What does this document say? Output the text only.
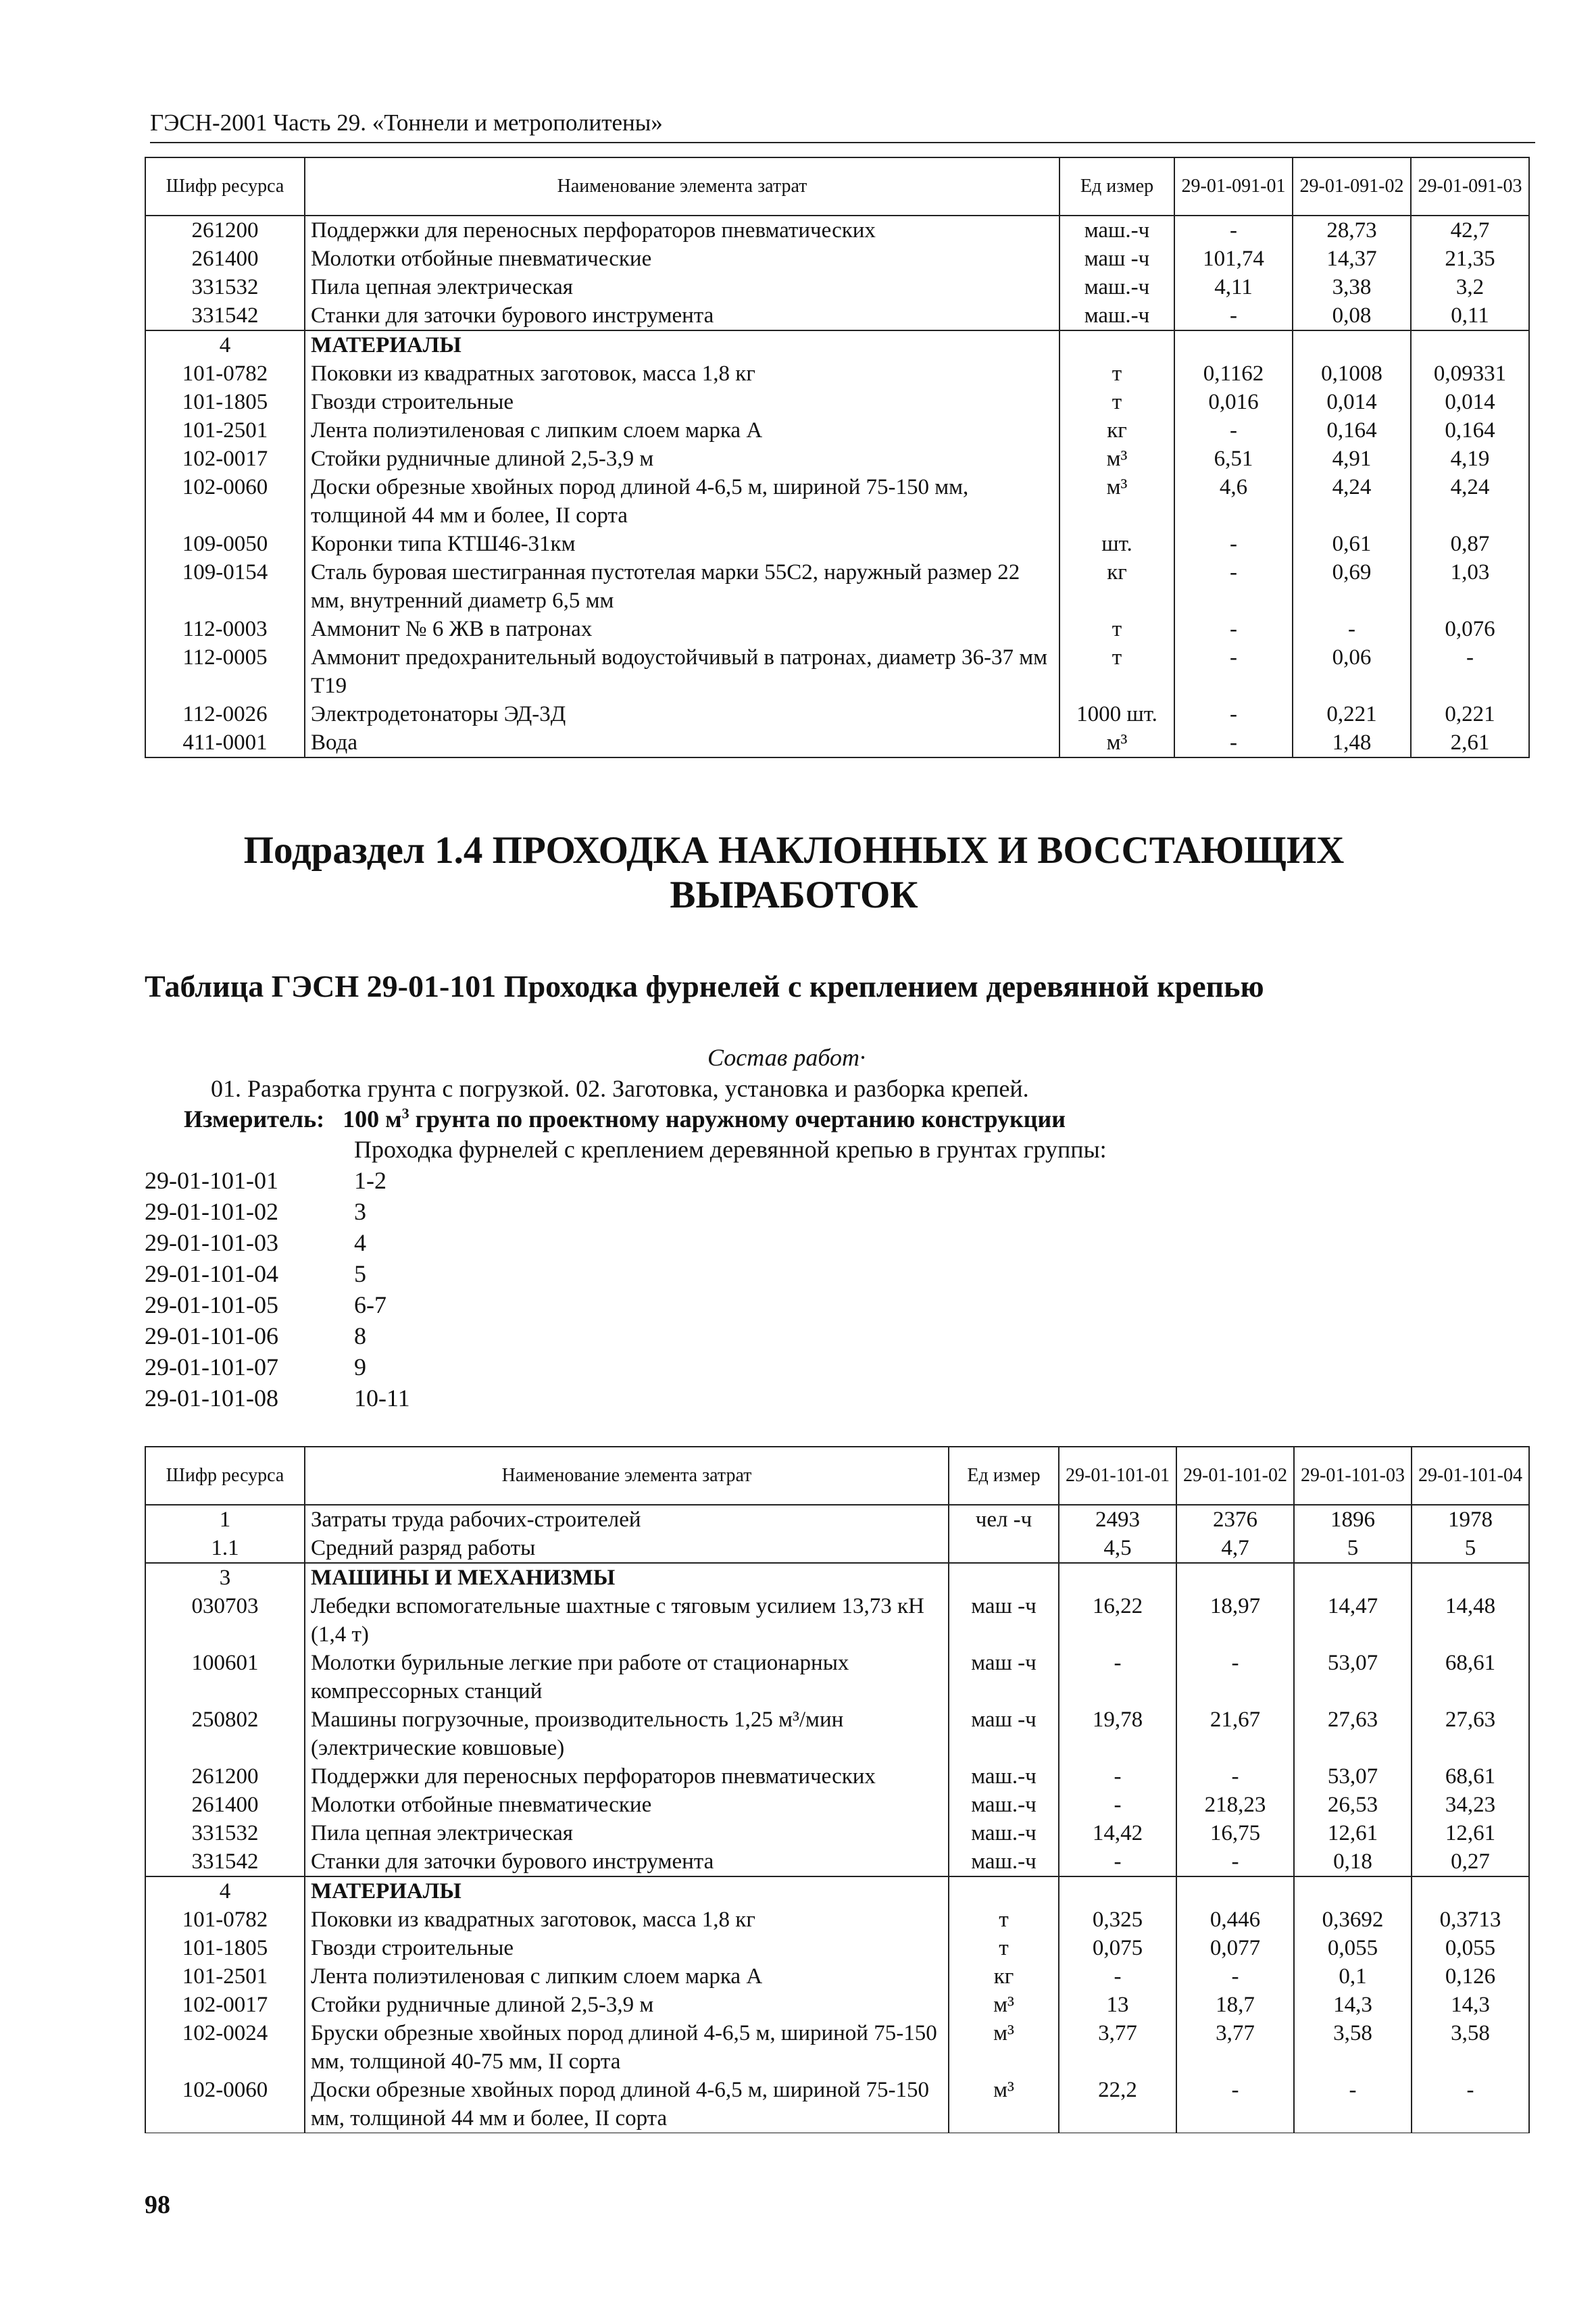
ГЭСН-2001 Часть 29. «Тоннели и метрополитены»
Шифр ресурса	Наименование элемента затрат	Ед измер	29-01-091-01	29-01-091-02	29-01-091-03
261200	Поддержки для переносных перфораторов пневматических	маш.-ч	-	28,73	42,7
261400	Молотки отбойные пневматические	маш -ч	101,74	14,37	21,35
331532	Пила цепная электрическая	маш.-ч	4,11	3,38	3,2
331542	Станки для заточки бурового инструмента	маш.-ч	-	0,08	0,11
4	МАТЕРИАЛЫ				
101-0782	Поковки из квадратных заготовок, масса 1,8 кг	т	0,1162	0,1008	0,09331
101-1805	Гвозди строительные	т	0,016	0,014	0,014
101-2501	Лента полиэтиленовая с липким слоем марка А	кг	-	0,164	0,164
102-0017	Стойки рудничные длиной 2,5-3,9 м	м³	6,51	4,91	4,19
102-0060	Доски обрезные хвойных пород длиной 4-6,5 м, шириной 75-150 мм, толщиной 44 мм и более, II сорта	м³	4,6	4,24	4,24
109-0050	Коронки типа КТШ46-31км	шт.	-	0,61	0,87
109-0154	Сталь буровая шестигранная пустотелая марки 55С2, наружный размер 22 мм, внутренний диаметр 6,5 мм	кг	-	0,69	1,03
112-0003	Аммонит № 6 ЖВ в патронах	т	-	-	0,076
112-0005	Аммонит предохранительный водоустойчивый в патронах, диаметр 36-37 мм Т19	т	-	0,06	-
112-0026	Электродетонаторы ЭД-3Д	1000 шт.	-	0,221	0,221
411-0001	Вода	м³	-	1,48	2,61
Подраздел 1.4 ПРОХОДКА НАКЛОННЫХ И ВОССТАЮЩИХ ВЫРАБОТОК
Таблица ГЭСН 29-01-101 Проходка фурнелей с креплением деревянной крепью
Состав работ·
01. Разработка грунта с погрузкой. 02. Заготовка, установка и разборка крепей.
Измеритель: 100 $м^3$ грунта по проектному наружному очертанию конструкции
Проходка фурнелей с креплением деревянной крепью в грунтах группы:
29-01-101-01	1-2
29-01-101-02	3
29-01-101-03	4
29-01-101-04	5
29-01-101-05	6-7
29-01-101-06	8
29-01-101-07	9
29-01-101-08	10-11
Шифр ресурса	Наименование элемента затрат	Ед измер	29-01-101-01	29-01-101-02	29-01-101-03	29-01-101-04
1	Затраты труда рабочих-строителей	чел -ч	2493	2376	1896	1978
1.1	Средний разряд работы		4,5	4,7	5	5
3	МАШИНЫ И МЕХАНИЗМЫ					
030703	Лебедки вспомогательные шахтные с тяговым усилием 13,73 кН (1,4 т)	маш -ч	16,22	18,97	14,47	14,48
100601	Молотки бурильные легкие при работе от стационарных компрессорных станций	маш -ч	-	-	53,07	68,61
250802	Машины погрузочные, производительность 1,25 м³/мин (электрические ковшовые)	маш -ч	19,78	21,67	27,63	27,63
261200	Поддержки для переносных перфораторов пневматических	маш.-ч	-	-	53,07	68,61
261400	Молотки отбойные пневматические	маш.-ч	-	218,23	26,53	34,23
331532	Пила цепная электрическая	маш.-ч	14,42	16,75	12,61	12,61
331542	Станки для заточки бурового инструмента	маш.-ч	-	-	0,18	0,27
4	МАТЕРИАЛЫ					
101-0782	Поковки из квадратных заготовок, масса 1,8 кг	т	0,325	0,446	0,3692	0,3713
101-1805	Гвозди строительные	т	0,075	0,077	0,055	0,055
101-2501	Лента полиэтиленовая с липким слоем марка А	кг	-	-	0,1	0,126
102-0017	Стойки рудничные длиной 2,5-3,9 м	м³	13	18,7	14,3	14,3
102-0024	Бруски обрезные хвойных пород длиной 4-6,5 м, шириной 75-150 мм, толщиной 40-75 мм, II сорта	м³	3,77	3,77	3,58	3,58
102-0060	Доски обрезные хвойных пород длиной 4-6,5 м, шириной 75-150 мм, толщиной 44 мм и более, II сорта	м³	22,2	-	-	-
98
